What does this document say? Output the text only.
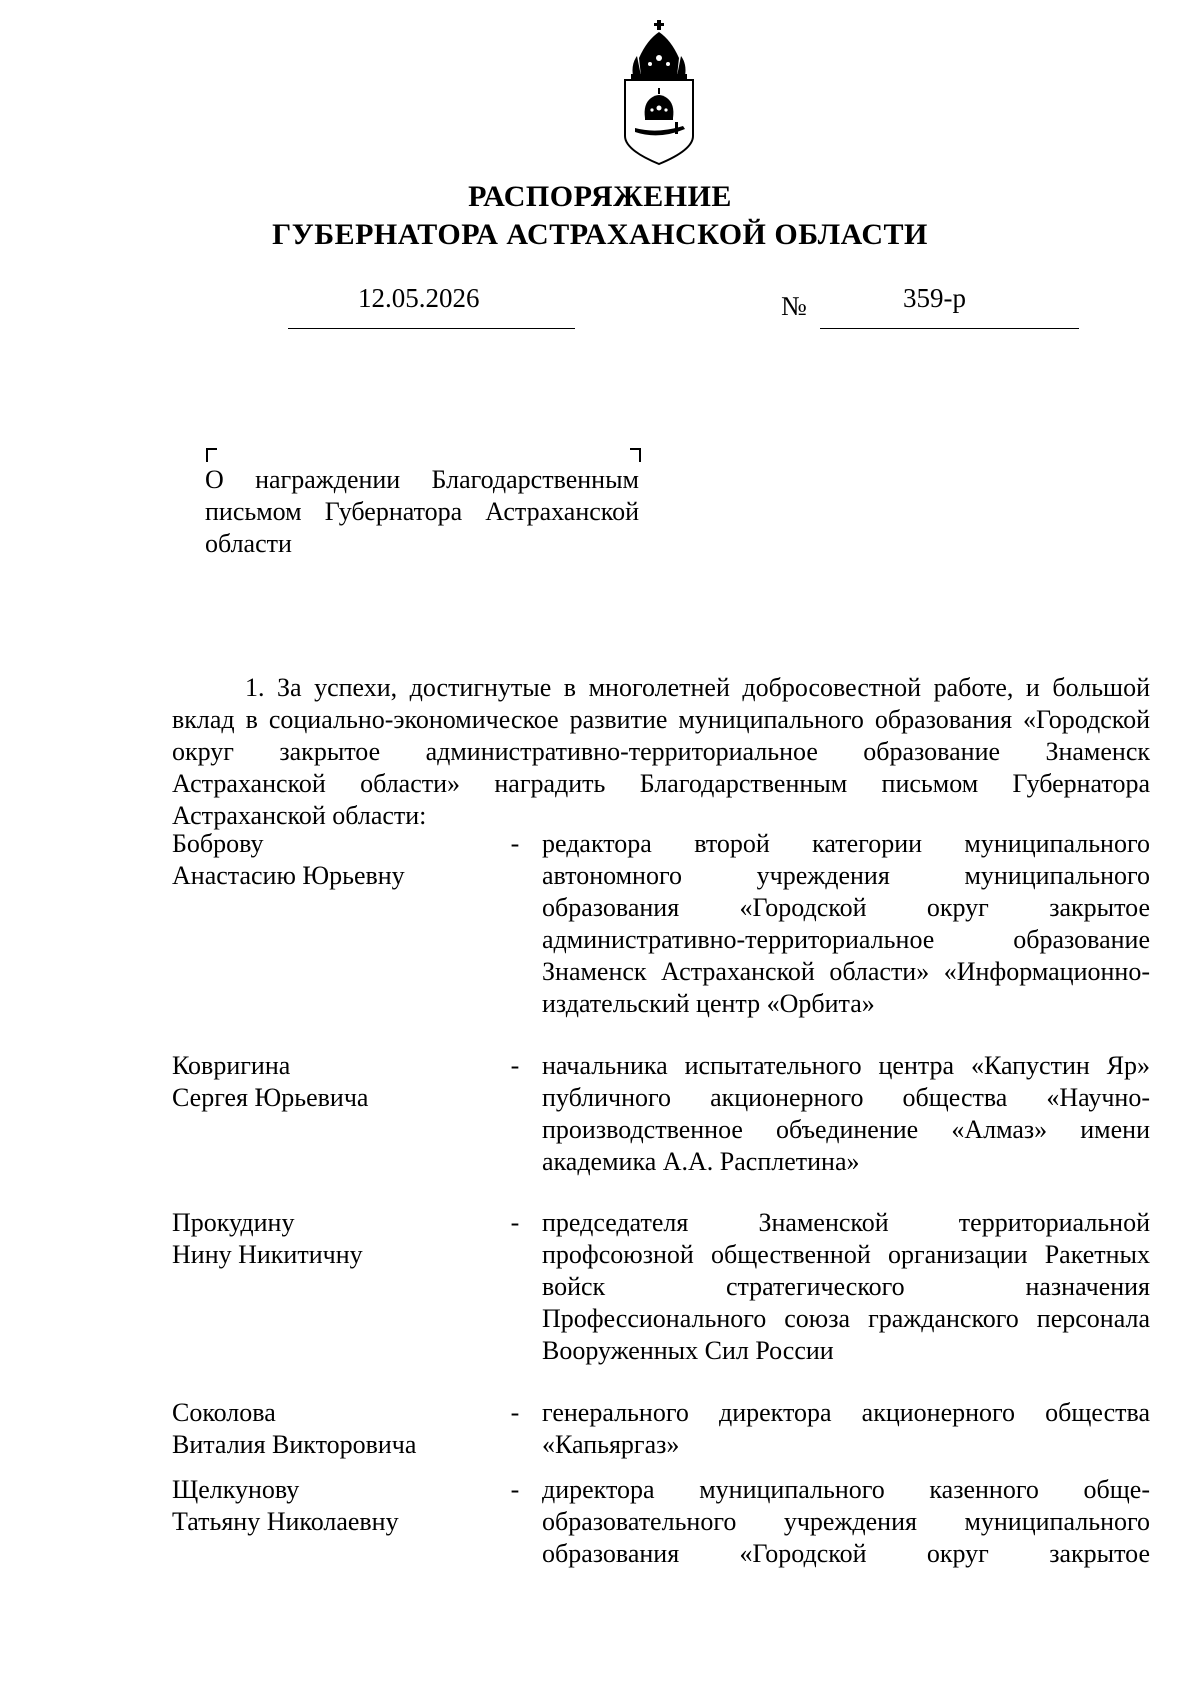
РАСПОРЯЖЕНИЕ
ГУБЕРНАТОРА АСТРАХАНСКОЙ ОБЛАСТИ
12.05.2026	№	359-р
О награждении Благодарственным письмом Губернатора Астраханской области
1. За успехи, достигнутые в многолетней добросовестной работе, и большой вклад в социально-экономическое развитие муниципального образования «Городской округ закрытое административно-территориальное образование Знаменск Астраханской области» наградить Благодарственным письмом Губернатора Астраханской области:
Боброву
Анастасию Юрьевну
- редактора второй категории муниципального автономного учреждения муниципального образования «Городской округ закрытое административно-территориальное образование Знаменск Астраханской области» «Информационно-издательский центр «Орбита»
Ковригина
Сергея Юрьевича
- начальника испытательного центра «Капустин Яр» публичного акционерного общества «Научно-производственное объединение «Алмаз» имени академика А.А. Расплетина»
Прокудину
Нину Никитичну
- председателя Знаменской территориальной профсоюзной общественной организации Ракетных войск стратегического назначения Профессионального союза гражданского персонала Вооруженных Сил России
Соколова
Виталия Викторовича
- генерального директора акционерного общества «Капьяргаз»
Щелкунову
Татьяну Николаевну
- директора муниципального казенного общеобразовательного учреждения муниципального образования «Городской округ закрытое
